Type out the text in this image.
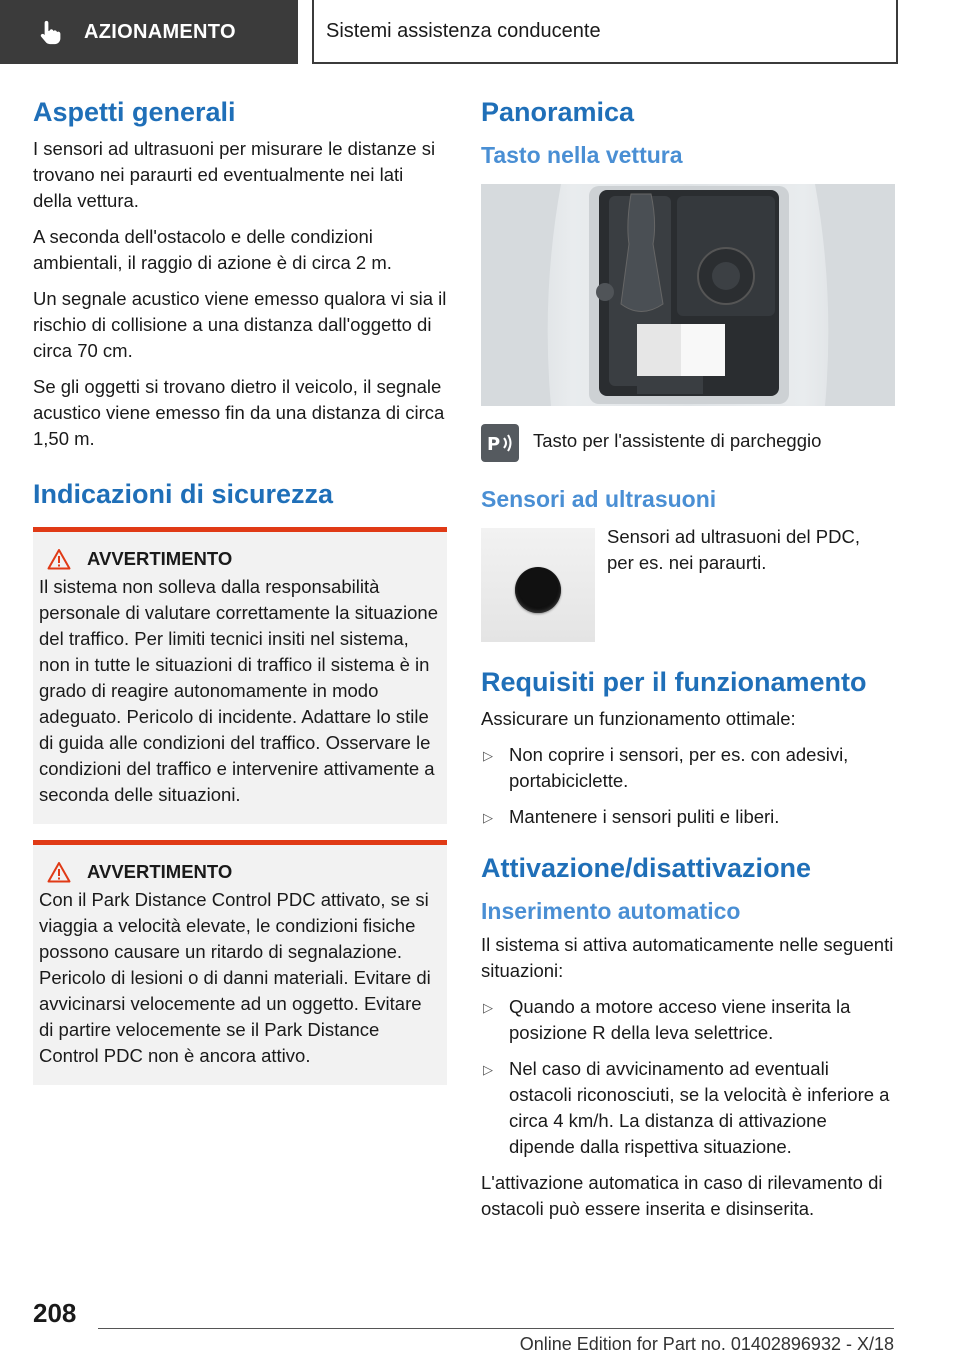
AZIONAMENTO	Sistemi assistenza conducente
Aspetti generali

I sensori ad ultrasuoni per misurare le distanze si trovano nei paraurti ed eventualmente nei lati della vettura.

A seconda dell'ostacolo e delle condizioni ambientali, il raggio di azione è di circa 2 m.

Un segnale acustico viene emesso qualora vi sia il rischio di collisione a una distanza dall'oggetto di circa 70 cm.

Se gli oggetti si trovano dietro il veicolo, il segnale acustico viene emesso fin da una distanza di circa 1,50 m.

Indicazioni di sicurezza
AVVERTIMENTO

Il sistema non solleva dalla responsabilità personale di valutare correttamente la situazione del traffico. Per limiti tecnici insiti nel sistema, non in tutte le situazioni di traffico il sistema è in grado di reagire autonomamente in modo adeguato. Pericolo di incidente. Adattare lo stile di guida alle condizioni del traffico. Osservare le condizioni del traffico e intervenire attivamente a seconda delle situazioni.

AVVERTIMENTO

Con il Park Distance Control PDC attivato, se si viaggia a velocità elevate, le condizioni fisiche possono causare un ritardo di segnalazione. Pericolo di lesioni o di danni materiali. Evitare di avvicinarsi velocemente ad un oggetto. Evitare di partire velocemente se il Park Distance Control PDC non è ancora attivo.

Panoramica
Tasto nella vettura
P Tasto per l'assistente di parcheggio

Sensori ad ultrasuoni

Sensori ad ultrasuoni del PDC, per es. nei paraurti.

Requisiti per il funzionamento

Assicurare un funzionamento ottimale:

▷ Non coprire i sensori, per es. con adesivi, portabiciclette.
▷ Mantenere i sensori puliti e liberi.
Attivazione/disattivazione
Inserimento automatico

Il sistema si attiva automaticamente nelle seguenti situazioni:

▷ Quando a motore acceso viene inserita la posizione R della leva selettrice.
▷ Nel caso di avvicinamento ad eventuali ostacoli riconosciuti, se la velocità è inferiore a circa 4 km/h. La distanza di attivazione dipende dalla rispettiva situazione.

L'attivazione automatica in caso di rilevamento di ostacoli può essere inserita e disinserita.

208
Online Edition for Part no. 01402896932 - X/18
